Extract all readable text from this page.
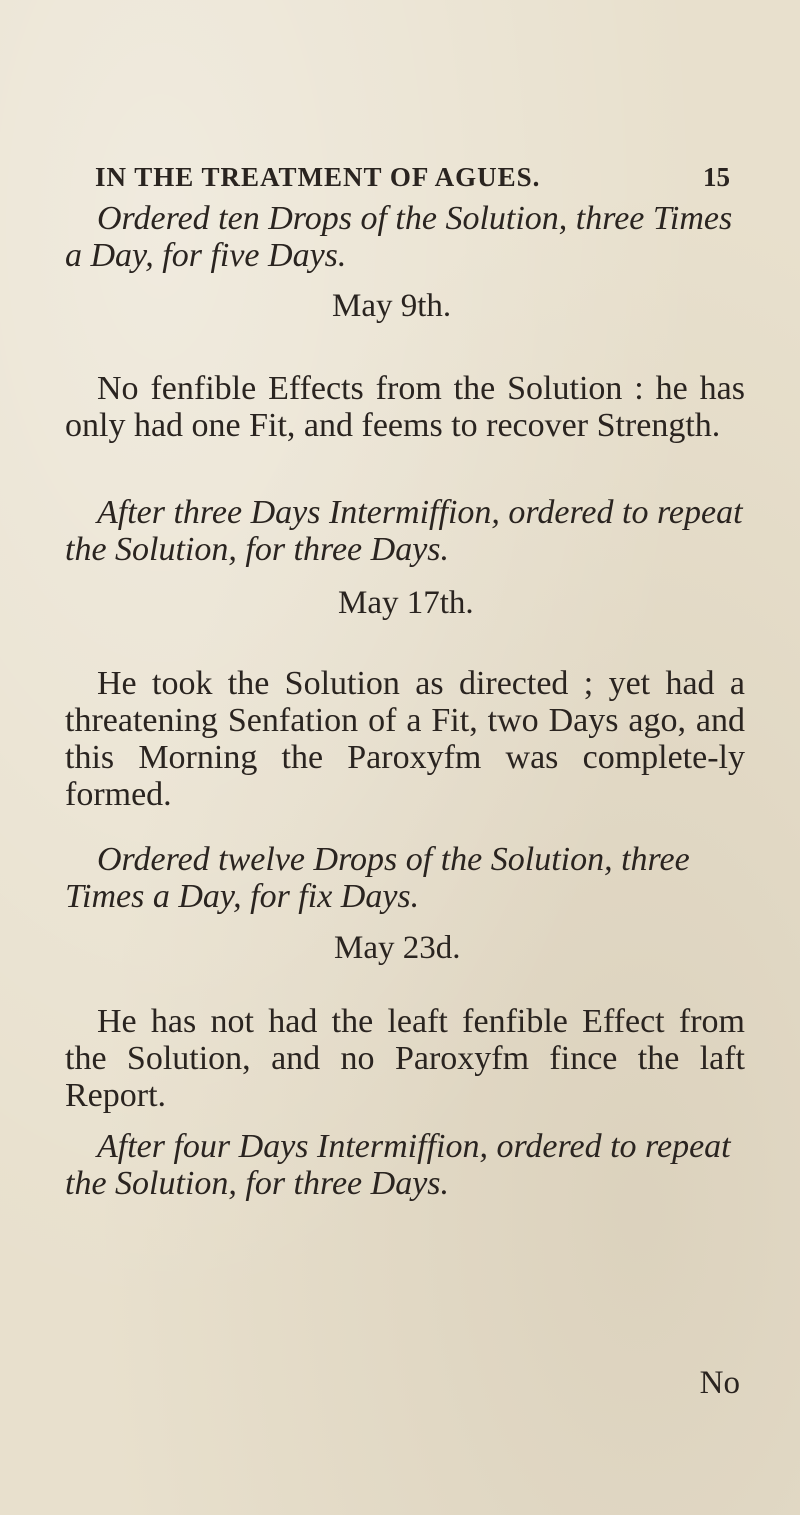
IN THE TREATMENT OF AGUES.	15

Ordered ten Drops of the Solution, three Times a Day, for five Days.

May 9th.

No fenfible Effects from the Solution : he has only had one Fit, and feems to recover Strength.

After three Days Intermiffion, ordered to repeat the Solution, for three Days.

May 17th.

He took the Solution as directed ; yet had a threatening Senfation of a Fit, two Days ago, and this Morning the Paroxyfm was complete-ly formed.

Ordered twelve Drops of the Solution, three Times a Day, for fix Days.

May 23d.

He has not had the leaft fenfible Effect from the Solution, and no Paroxyfm fince the laft Report.

After four Days Intermiffion, ordered to repeat the Solution, for three Days.

No
